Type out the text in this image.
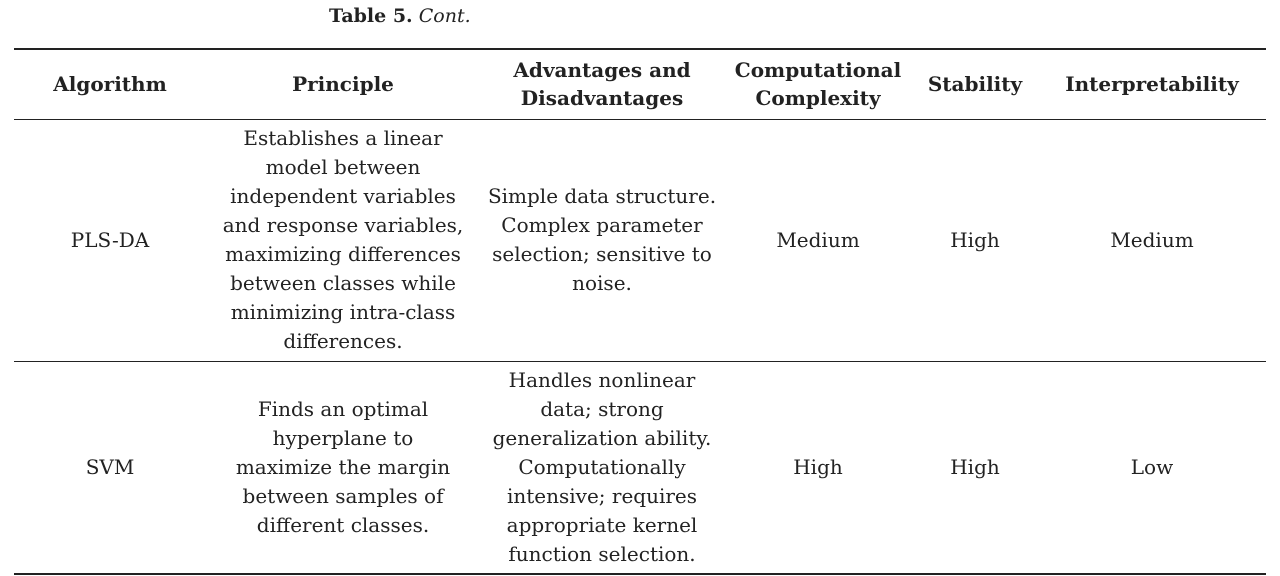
Table 5. Cont.
Algorithm	Principle	Advantages and Disadvantages	Computational Complexity	Stability	Interpretability
PLS-DA	Establishes a linear model between independent variables and response variables, maximizing differences between classes while minimizing intra-class differences.	Simple data structure. Complex parameter selection; sensitive to noise.	Medium	High	Medium
SVM	Finds an optimal hyperplane to maximize the margin between samples of different classes.	Handles nonlinear data; strong generalization ability. Computationally intensive; requires appropriate kernel function selection.	High	High	Low
